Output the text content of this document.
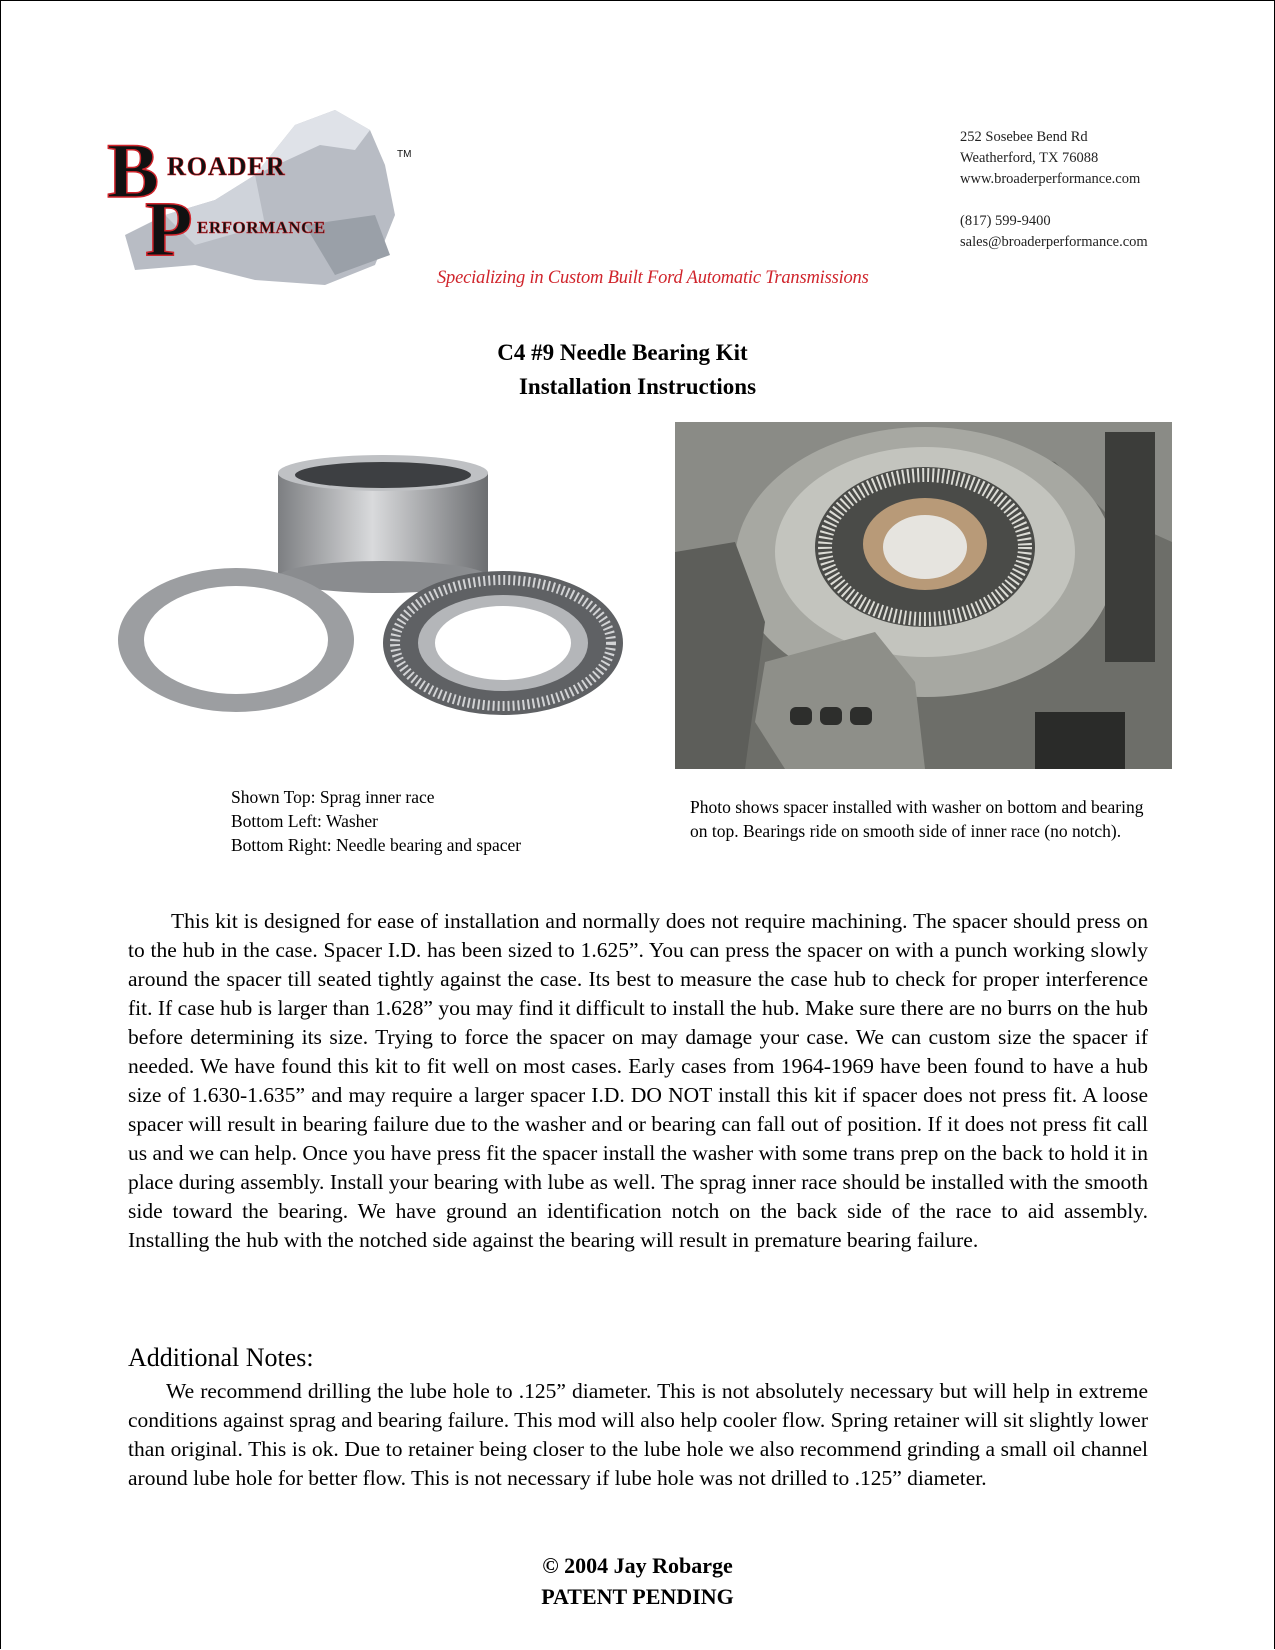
B ROADER	TM
P ERFORMANCE
252 Sosebee Bend Rd
Weatherford, TX 76088
www.broaderperformance.com
(817) 599-9400
sales@broaderperformance.com
Specializing in Custom Built Ford Automatic Transmissions
C4 #9 Needle Bearing Kit
Installation Instructions
Shown Top: Sprag inner race
Bottom Left: Washer
Bottom Right: Needle bearing and spacer
Photo shows spacer installed with washer on bottom and bearing on top. Bearings ride on smooth side of inner race (no notch).

This kit is designed for ease of installation and normally does not require machining. The spacer should press on to the hub in the case. Spacer I.D. has been sized to 1.625”. You can press the spacer on with a punch working slowly around the spacer till seated tightly against the case. Its best to measure the case hub to check for proper interference fit. If case hub is larger than 1.628” you may find it difficult to install the hub. Make sure there are no burrs on the hub before determining its size. Trying to force the spacer on may damage your case. We can custom size the spacer if needed. We have found this kit to fit well on most cases. Early cases from 1964-1969 have been found to have a hub size of 1.630-1.635” and may require a larger spacer I.D. DO NOT install this kit if spacer does not press fit. A loose spacer will result in bearing failure due to the washer and or bearing can fall out of position. If it does not press fit call us and we can help. Once you have press fit the spacer install the washer with some trans prep on the back to hold it in place during assembly. Install your bearing with lube as well. The sprag inner race should be installed with the smooth side toward the bearing. We have ground an identification notch on the back side of the race to aid assembly. Installing the hub with the notched side against the bearing will result in premature bearing failure.

Additional Notes:

We recommend drilling the lube hole to .125” diameter. This is not absolutely necessary but will help in extreme conditions against sprag and bearing failure. This mod will also help cooler flow. Spring retainer will sit slightly lower than original. This is ok. Due to retainer being closer to the lube hole we also recommend grinding a small oil channel around lube hole for better flow. This is not necessary if lube hole was not drilled to .125” diameter.

© 2004 Jay Robarge
PATENT PENDING
